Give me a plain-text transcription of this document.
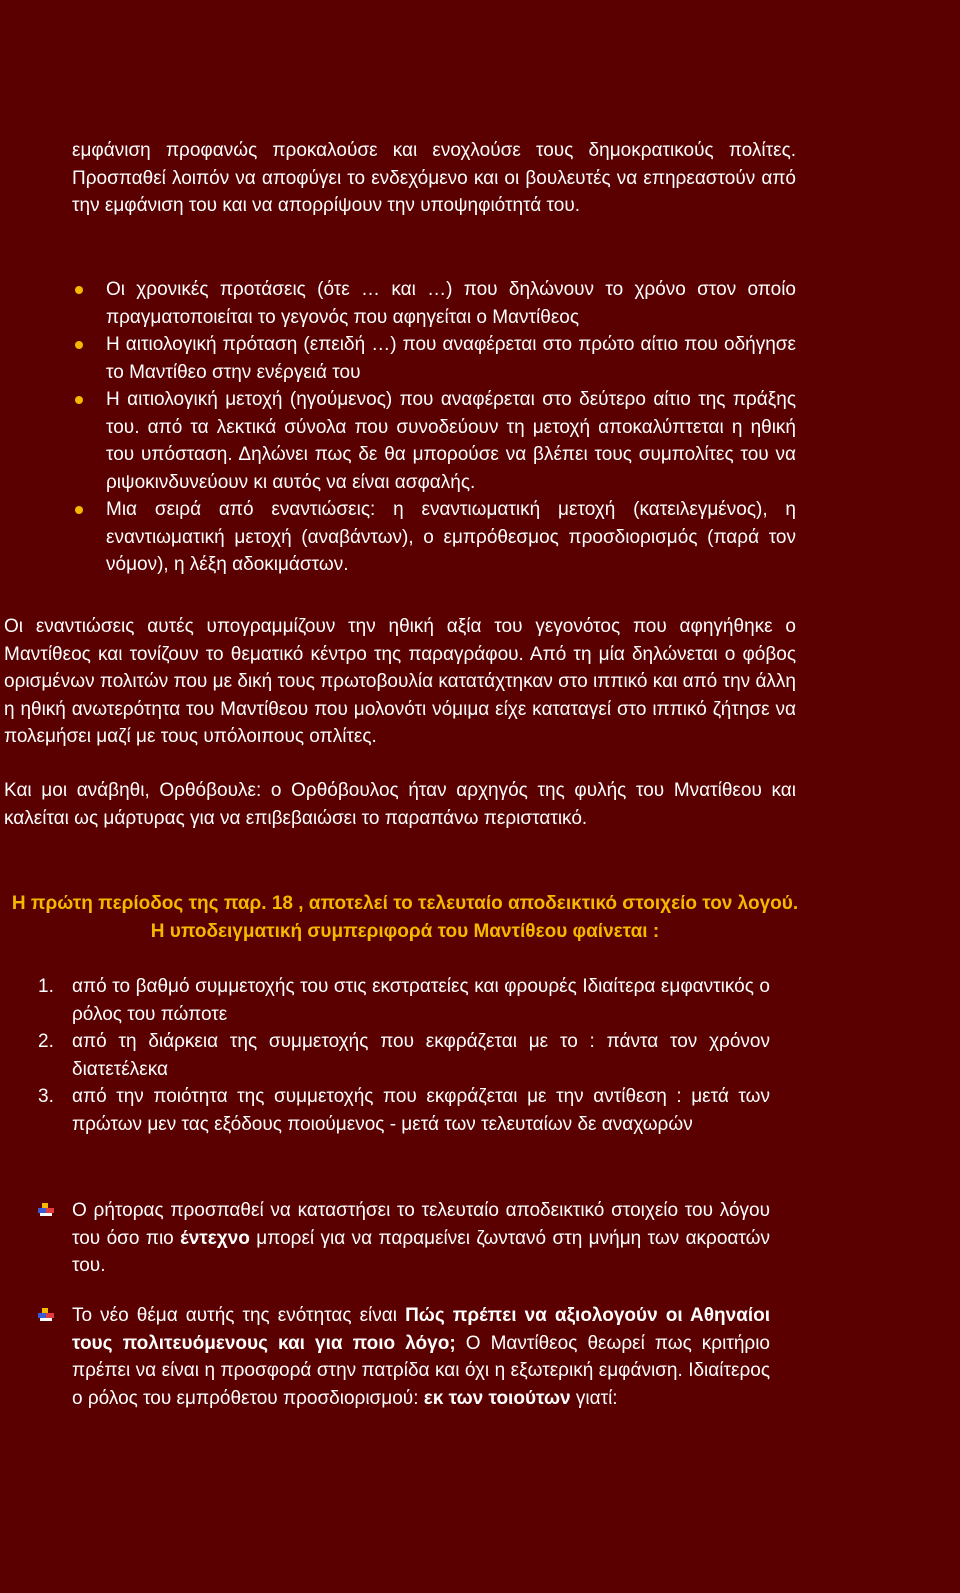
εμφάνιση προφανώς προκαλούσε και ενοχλούσε τους δημοκρατικούς πολίτες. Προσπαθεί λοιπόν να αποφύγει το ενδεχόμενο και οι βουλευτές να επηρεαστούν από την εμφάνιση του και να απορρίψουν την υποψηφιότητά του.

Οι χρονικές προτάσεις (ότε … και …) που δηλώνουν το χρόνο στον οποίο πραγματοποιείται το γεγονός που αφηγείται ο Μαντίθεος
Η αιτιολογική πρόταση (επειδή …) που αναφέρεται στο πρώτο αίτιο που οδήγησε το Μαντίθεο στην ενέργειά του
Η αιτιολογική μετοχή (ηγούμενος) που αναφέρεται στο δεύτερο αίτιο της πράξης του. από τα λεκτικά σύνολα που συνοδεύουν τη μετοχή αποκαλύπτεται η ηθική του υπόσταση. Δηλώνει πως δε θα μπορούσε να βλέπει τους συμπολίτες του να ριψοκινδυνεύουν κι αυτός να είναι ασφαλής.
Μια σειρά από εναντιώσεις: η εναντιωματική μετοχή (κατειλεγμένος), η εναντιωματική μετοχή (αναβάντων), ο εμπρόθεσμος προσδιορισμός (παρά τον νόμον), η λέξη αδοκιμάστων.

Οι εναντιώσεις αυτές υπογραμμίζουν την ηθική αξία του γεγονότος που αφηγήθηκε ο Μαντίθεος και τονίζουν το θεματικό κέντρο της παραγράφου. Από τη μία δηλώνεται ο φόβος ορισμένων πολιτών που με δική τους πρωτοβουλία κατατάχτηκαν στο ιππικό και από την άλλη η ηθική ανωτερότητα του Μαντίθεου που μολονότι νόμιμα είχε καταταγεί στο ιππικό ζήτησε να πολεμήσει μαζί με τους υπόλοιπους οπλίτες.

Και μοι ανάβηθι, Ορθόβουλε: ο Ορθόβουλος ήταν αρχηγός της φυλής του Μνατίθεου και καλείται ως μάρτυρας για να επιβεβαιώσει το παραπάνω περιστατικό.

Η πρώτη περίοδος της παρ. 18 , αποτελεί το τελευταίο αποδεικτικό στοιχείο τον λογού. Η υποδειγματική συμπεριφορά του Μαντίθεου φαίνεται :
1. από το βαθμό συμμετοχής του στις εκστρατείες και φρουρές Ιδιαίτερα εμφαντικός ο ρόλος του πώποτε
2. από τη διάρκεια της συμμετοχής που εκφράζεται με το : πάντα τον χρόνον διατετέλεκα
3. από την ποιότητα της συμμετοχής που εκφράζεται με την αντίθεση : μετά των πρώτων μεν τας εξόδους ποιούμενος - μετά των τελευταίων δε αναχωρών
Ο ρήτορας προσπαθεί να καταστήσει το τελευταίο αποδεικτικό στοιχείο του λόγου του όσο πιο έντεχνο μπορεί για να παραμείνει ζωντανό στη μνήμη των ακροατών του.
Το νέο θέμα αυτής της ενότητας είναι Πώς πρέπει να αξιολογούν οι Αθηναίοι τους πολιτευόμενους και για ποιο λόγο; Ο Μαντίθεος θεωρεί πως κριτήριο πρέπει να είναι η προσφορά στην πατρίδα και όχι η εξωτερική εμφάνιση. Ιδιαίτερος ο ρόλος του εμπρόθετου προσδιορισμού: εκ των τοιούτων γιατί:
